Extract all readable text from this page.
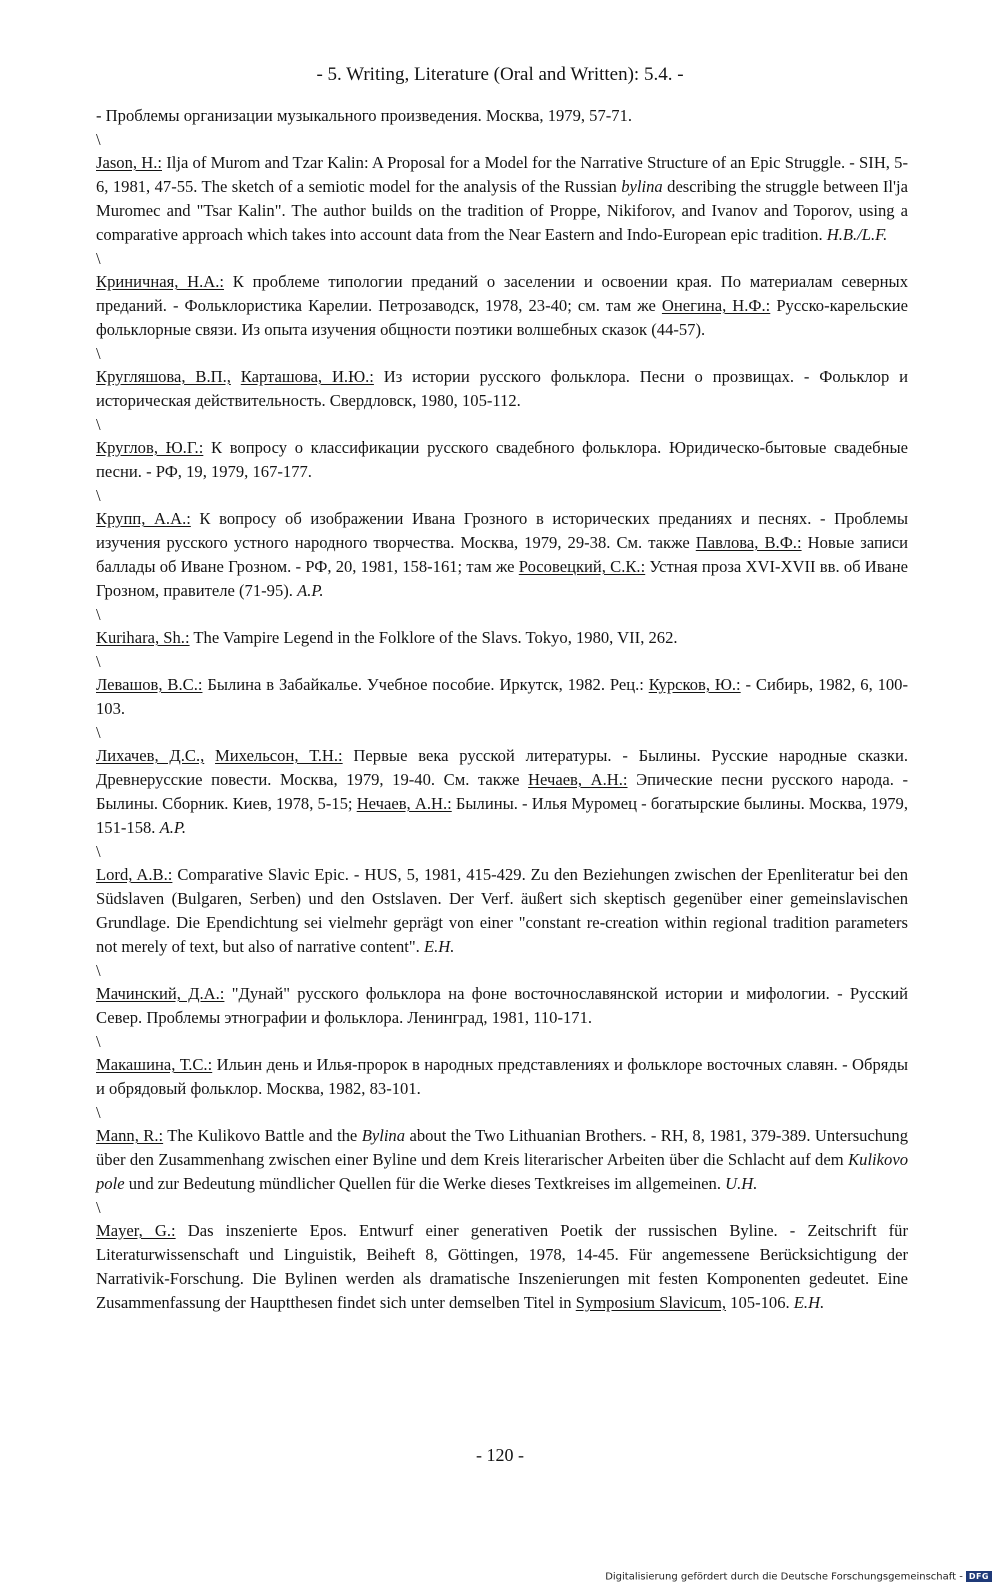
- 5. Writing, Literature (Oral and Written): 5.4. -

- Проблемы организации музыкального произведения. Москва, 1979, 57-71.

\

Jason, H.: Ilja of Murom and Tzar Kalin: A Proposal for a Model for the Narrative Structure of an Epic Struggle. - SIH, 5-6, 1981, 47-55. The sketch of a semiotic model for the analysis of the Russian bylina describing the struggle between Il'ja Muromec and "Tsar Kalin". The author builds on the tradition of Proppe, Nikiforov, and Ivanov and Toporov, using a comparative approach which takes into account data from the Near Eastern and Indo-European epic tradition. H.B./L.F.

\

Криничная, Н.А.: К проблеме типологии преданий о заселении и освоении края. По материалам северных преданий. - Фольклористика Карелии. Петрозаводск, 1978, 23-40; см. там же Онегина, Н.Ф.: Русско-карельские фольклорные связи. Из опыта изучения общности поэтики волшебных сказок (44-57).

\

Кругляшова, В.П., Карташова, И.Ю.: Из истории русского фольклора. Песни о прозвищах. - Фольклор и историческая действительность. Свердловск, 1980, 105-112.

\

Круглов, Ю.Г.: К вопросу о классификации русского свадебного фольклора. Юридическо-бытовые свадебные песни. - РФ, 19, 1979, 167-177.

\

Крупп, А.А.: К вопросу об изображении Ивана Грозного в исторических преданиях и песнях. - Проблемы изучения русского устного народного творчества. Москва, 1979, 29-38. См. также Павлова, В.Ф.: Новые записи баллады об Иване Грозном. - РФ, 20, 1981, 158-161; там же Росовецкий, С.К.: Устная проза XVI-XVII вв. об Иване Грозном, правителе (71-95). A.P.

\

Kurihara, Sh.: The Vampire Legend in the Folklore of the Slavs. Tokyo, 1980, VII, 262.

\

Левашов, В.С.: Былина в Забайкалье. Учебное пособие. Иркутск, 1982. Рец.: Курсков, Ю.: - Сибирь, 1982, 6, 100-103.

\

Лихачев, Д.С., Михельсон, Т.Н.: Первые века русской литературы. - Былины. Русские народные сказки. Древнерусские повести. Москва, 1979, 19-40. См. также Нечаев, А.Н.: Эпические песни русского народа. - Былины. Сборник. Киев, 1978, 5-15; Нечаев, А.Н.: Былины. - Илья Муромец - богатырские былины. Москва, 1979, 151-158. A.P.

\

Lord, A.B.: Comparative Slavic Epic. - HUS, 5, 1981, 415-429. Zu den Beziehungen zwischen der Epenliteratur bei den Südslaven (Bulgaren, Serben) und den Ostslaven. Der Verf. äußert sich skeptisch gegenüber einer gemeinslavischen Grundlage. Die Ependichtung sei vielmehr geprägt von einer "constant re-creation within regional tradition parameters not merely of text, but also of narrative content". E.H.

\

Мачинский, Д.А.: "Дунай" русского фольклора на фоне восточнославянской истории и мифологии. - Русский Север. Проблемы этнографии и фольклора. Ленинград, 1981, 110-171.

\

Макашина, Т.С.: Ильин день и Илья-пророк в народных представлениях и фольклоре восточных славян. - Обряды и обрядовый фольклор. Москва, 1982, 83-101.

\

Mann, R.: The Kulikovo Battle and the Bylina about the Two Lithuanian Brothers. - RH, 8, 1981, 379-389. Untersuchung über den Zusammenhang zwischen einer Byline und dem Kreis literarischer Arbeiten über die Schlacht auf dem Kulikovo pole und zur Bedeutung mündlicher Quellen für die Werke dieses Textkreises im allgemeinen. U.H.

\

Mayer, G.: Das inszenierte Epos. Entwurf einer generativen Poetik der russischen Byline. - Zeitschrift für Literaturwissenschaft und Linguistik, Beiheft 8, Göttingen, 1978, 14-45. Für angemessene Berücksichtigung der Narrativik-Forschung. Die Bylinen werden als dramatische Inszenierungen mit festen Komponenten gedeutet. Eine Zusammenfassung der Hauptthesen findet sich unter demselben Titel in Symposium Slavicum, 105-106. E.H.

- 120 -
Digitalisierung gefördert durch die Deutsche Forschungsgemeinschaft - DFG
